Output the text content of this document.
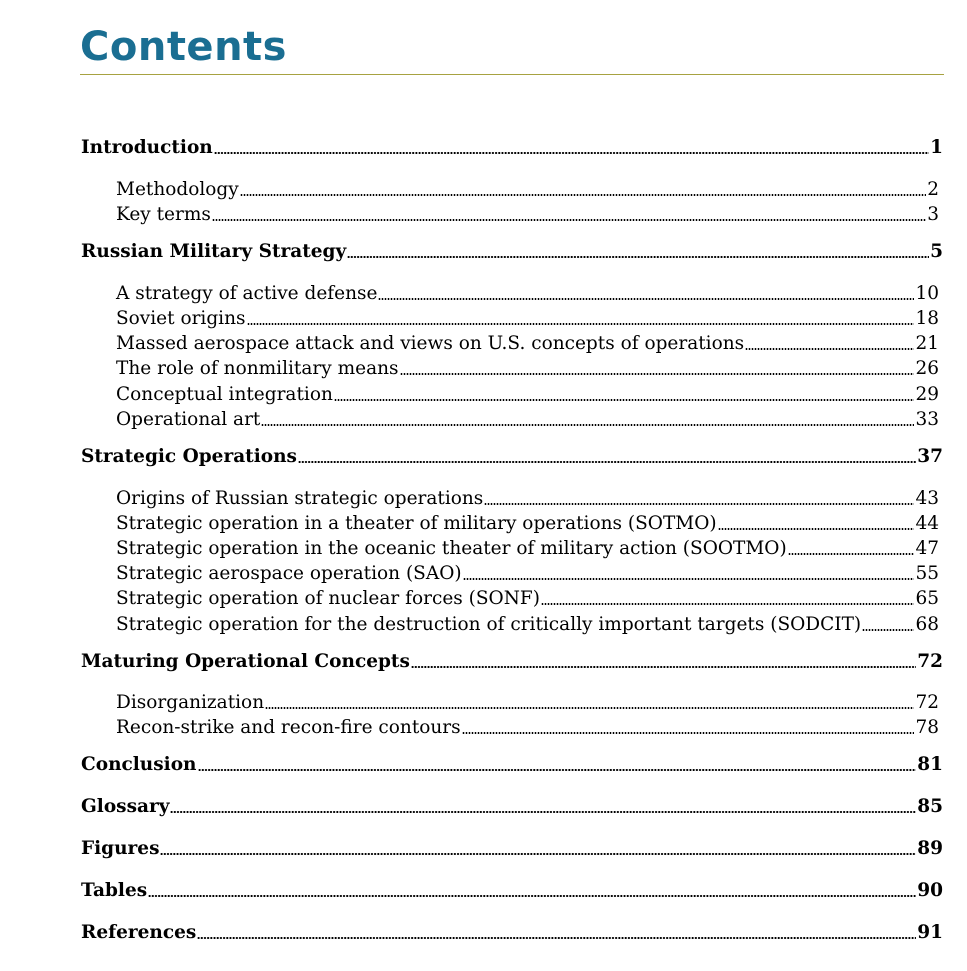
Contents
Introduction	1
Methodology	2
Key terms	3
Russian Military Strategy	5
A strategy of active defense	10
Soviet origins	18
Massed aerospace attack and views on U.S. concepts of operations	21
The role of nonmilitary means	26
Conceptual integration	29
Operational art	33
Strategic Operations	37
Origins of Russian strategic operations	43
Strategic operation in a theater of military operations (SOTMO)	44
Strategic operation in the oceanic theater of military action (SOOTMO)	47
Strategic aerospace operation (SAO)	55
Strategic operation of nuclear forces (SONF)	65
Strategic operation for the destruction of critically important targets (SODCIT)	68
Maturing Operational Concepts	72
Disorganization	72
Recon-strike and recon-fire contours	78
Conclusion	81
Glossary	85
Figures	89
Tables	90
References	91
